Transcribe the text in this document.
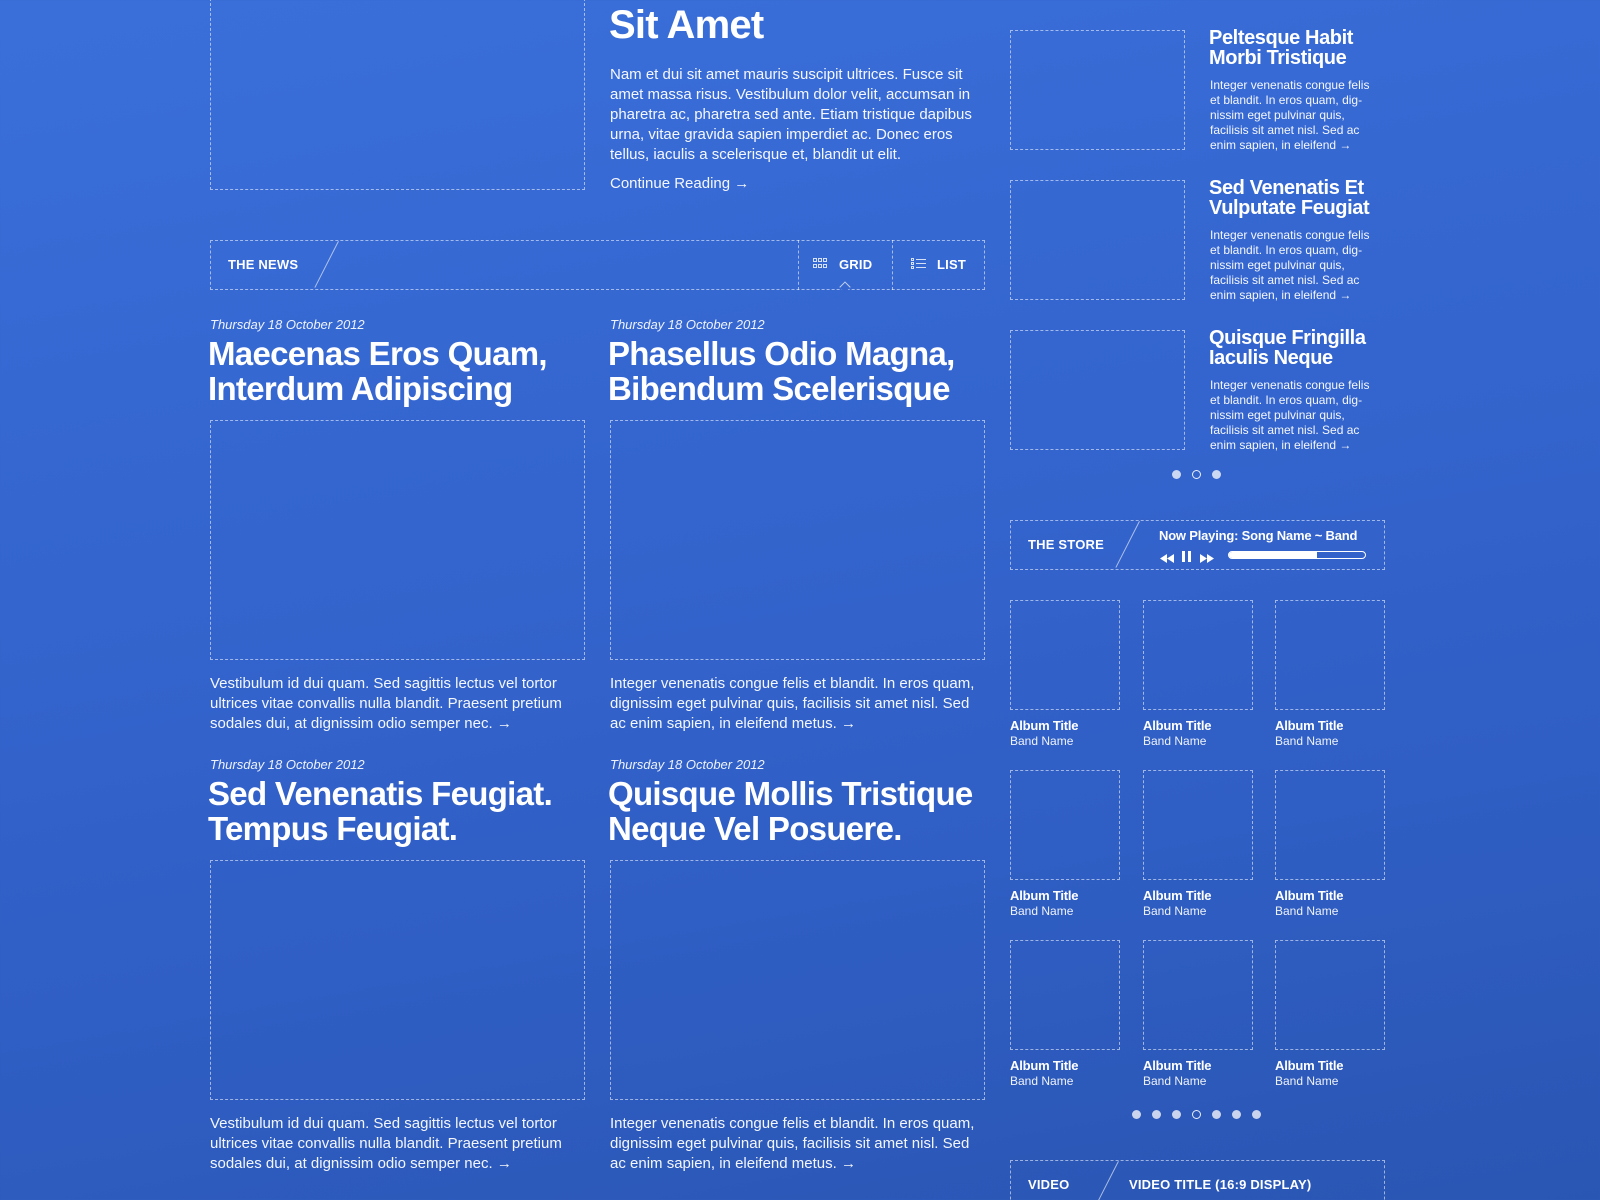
Sit Amet
Nam et dui sit amet mauris suscipit ultrices. Fusce sit amet massa risus. Vestibulum dolor velit, accumsan in pharetra ac, pharetra sed ante. Etiam tristique dapibus urna, vitae gravida sapien imperdiet ac. Donec eros tellus, iaculis a scelerisque et, blandit ut elit.
Continue Reading →
THE NEWS	GRID	LIST
Thursday 18 October 2012
Maecenas Eros Quam,
Interdum Adipiscing
Vestibulum id dui quam. Sed sagittis lectus vel tortor ultrices vitae convallis nulla blandit. Praesent pretium sodales dui, at dignissim odio semper nec. →
Thursday 18 October 2012
Phasellus Odio Magna,
Bibendum Scelerisque
Integer venenatis congue felis et blandit. In eros quam, dignissim eget pulvinar quis, facilisis sit amet nisl. Sed ac enim sapien, in eleifend metus. →
Thursday 18 October 2012
Sed Venenatis Feugiat.
Tempus Feugiat.
Vestibulum id dui quam. Sed sagittis lectus vel tortor ultrices vitae convallis nulla blandit. Praesent pretium sodales dui, at dignissim odio semper nec. →
Thursday 18 October 2012
Quisque Mollis Tristique
Neque Vel Posuere.
Integer venenatis congue felis et blandit. In eros quam, dignissim eget pulvinar quis, facilisis sit amet nisl. Sed ac enim sapien, in eleifend metus. →
Peltesque Habit
Morbi Tristique
Integer venenatis congue felis
et blandit. In eros quam, dig-
nissim eget pulvinar quis,
facilisis sit amet nisl. Sed ac
enim sapien, in eleifend →
Sed Venenatis Et
Vulputate Feugiat
Integer venenatis congue felis
et blandit. In eros quam, dig-
nissim eget pulvinar quis,
facilisis sit amet nisl. Sed ac
enim sapien, in eleifend →
Quisque Fringilla
Iaculis Neque
Integer venenatis congue felis
et blandit. In eros quam, dig-
nissim eget pulvinar quis,
facilisis sit amet nisl. Sed ac
enim sapien, in eleifend →
THE STORE
Now Playing: Song Name ~ Band
Album Title
Band Name
Album Title
Band Name
Album Title
Band Name
Album Title
Band Name
Album Title
Band Name
Album Title
Band Name
Album Title
Band Name
Album Title
Band Name
Album Title
Band Name
VIDEO	VIDEO TITLE (16:9 DISPLAY)
